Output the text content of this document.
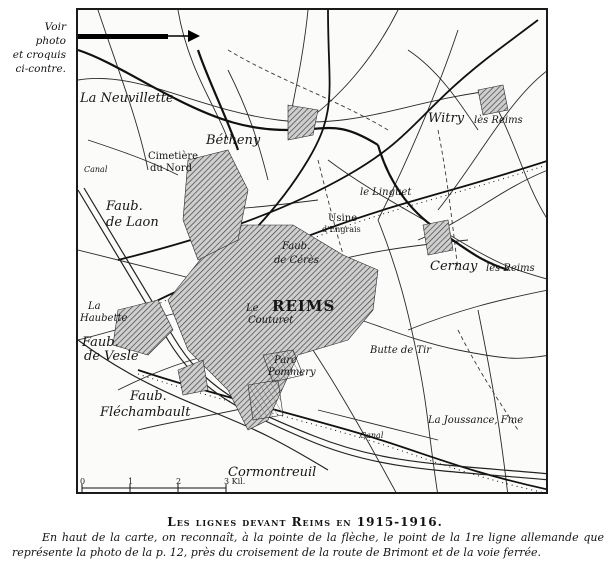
Voir
photo
et croquis
ci-contre.
La Neuvillette
Bétheny
Cimetière
du Nord
Witry lès Reims
Faub.
de Laon
le Linguet
Usine
d'Engrais
Faub.
de Cérès	Cernay lès Reims
La
Haubette
Faub.
de Vesle
REIMS
Le
Couturet
Butte de Tir
Parc
Pommery
Faub.
Fléchambault
La Joussance, Fme
Canal
Canal
Cormontreuil
0	1	2	3 Kil.
Les lignes devant Reims en 1915-1916.
En haut de la carte, on reconnaît, à la pointe de la flèche, le point de la 1re ligne allemande que représente la photo de la p. 12, près du croisement de la route de Brimont et de la voie ferrée.
